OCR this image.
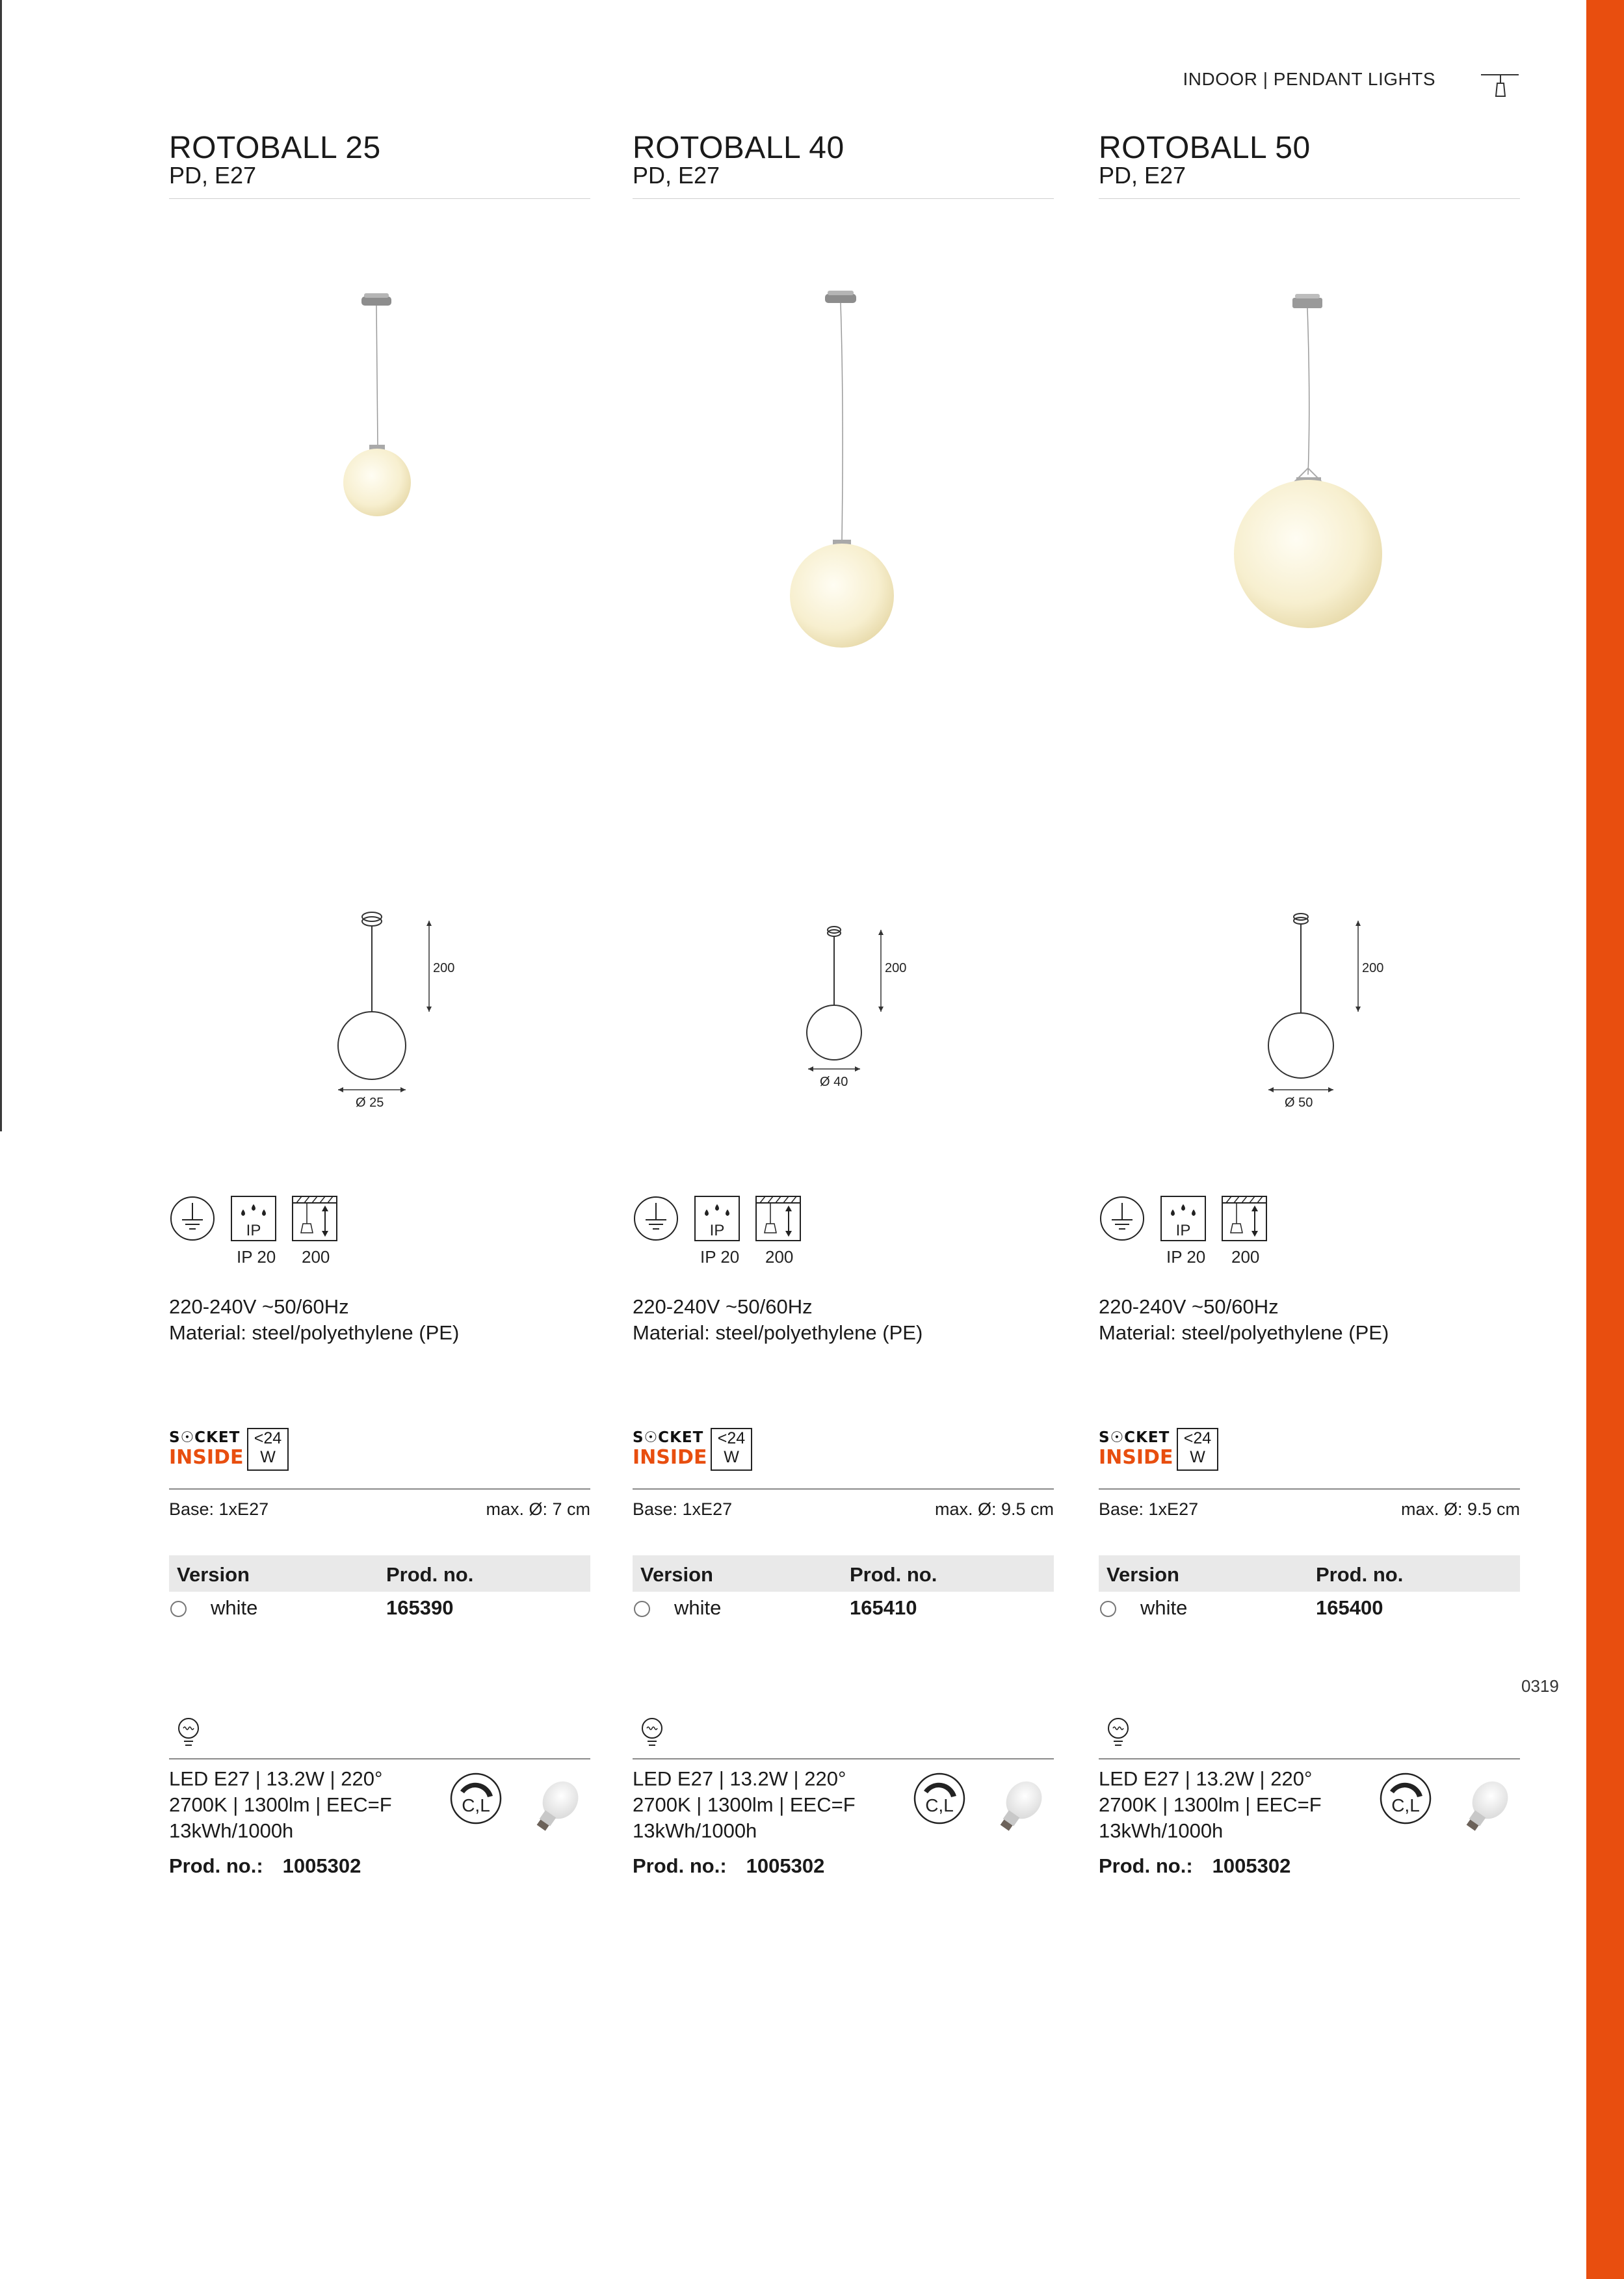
INDOOR | PENDANT LIGHTS
ROTOBALL 25
PD, E27
200
Ø 25
IP
IP 20 200
220-240V ~50/60Hz
Material: steel/polyethylene (PE)
S☉CKET
INSIDE
<24
W
Base: 1xE27	max. Ø: 7 cm
Version	Prod. no.
white	165390
LED E27 | 13.2W | 220°
2700K | 1300lm | EEC=F
13kWh/1000h
Prod. no.: 1005302
C,L
ROTOBALL 40
PD, E27
200
Ø 40
IP
IP 20 200
220-240V ~50/60Hz
Material: steel/polyethylene (PE)
S☉CKET
INSIDE
<24
W
Base: 1xE27	max. Ø: 9.5 cm
Version	Prod. no.
white	165410
LED E27 | 13.2W | 220°
2700K | 1300lm | EEC=F
13kWh/1000h
Prod. no.: 1005302
C,L
ROTOBALL 50
PD, E27
200
Ø 50
IP
IP 20 200
220-240V ~50/60Hz
Material: steel/polyethylene (PE)
S☉CKET
INSIDE
<24
W
Base: 1xE27	max. Ø: 9.5 cm
Version	Prod. no.
white	165400
LED E27 | 13.2W | 220°
2700K | 1300lm | EEC=F
13kWh/1000h
Prod. no.: 1005302
C,L
0319
